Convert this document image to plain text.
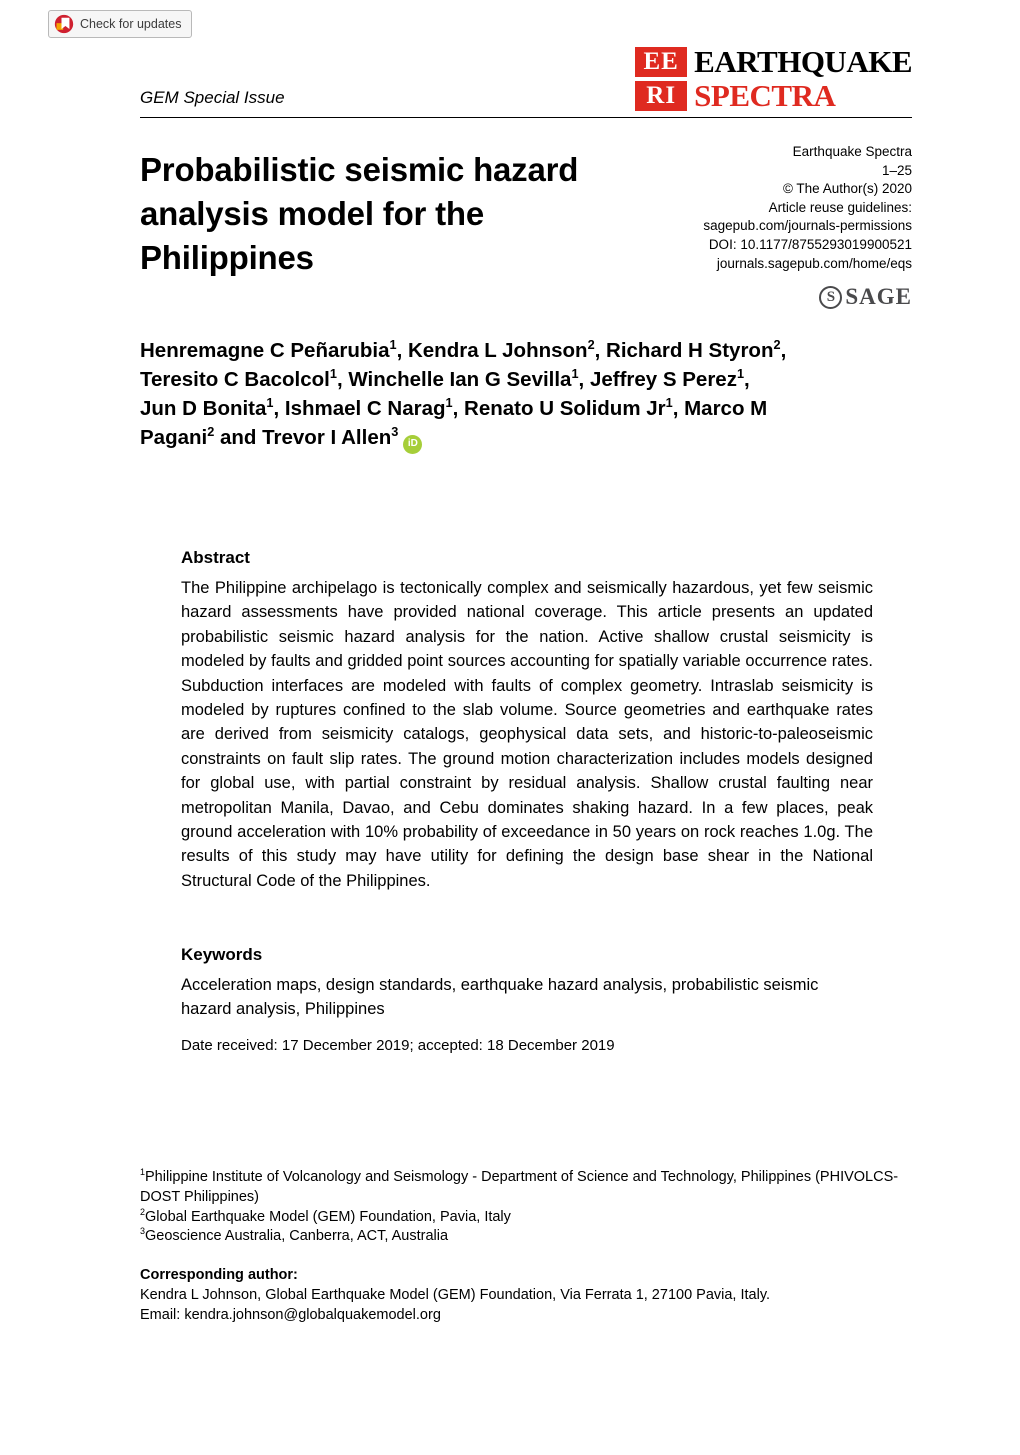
Check for updates
GEM Special Issue
EE EARTHQUAKE
RI SPECTRA
Probabilistic seismic hazard analysis model for the Philippines
Earthquake Spectra
1–25
© The Author(s) 2020
Article reuse guidelines:
sagepub.com/journals-permissions
DOI: 10.1177/8755293019900521
journals.sagepub.com/home/eqs
S SAGE

Henremagne C Peñarubia$^1$, Kendra L Johnson$^2$, Richard H Styron$^2$, Teresito C Bacolcol$^1$, Winchelle Ian G Sevilla$^1$, Jeffrey S Perez$^1$, Jun D Bonita$^1$, Ishmael C Narag$^1$, Renato U Solidum Jr$^1$, Marco M Pagani$^2$ and Trevor I Allen$^3$iD

Abstract
The Philippine archipelago is tectonically complex and seismically hazardous, yet few seismic hazard assessments have provided national coverage. This article presents an updated probabilistic seismic hazard analysis for the nation. Active shallow crustal seismicity is modeled by faults and gridded point sources accounting for spatially variable occurrence rates. Subduction interfaces are modeled with faults of complex geometry. Intraslab seismicity is modeled by ruptures confined to the slab volume. Source geometries and earthquake rates are derived from seismicity catalogs, geophysical data sets, and historic-to-paleoseismic constraints on fault slip rates. The ground motion characterization includes models designed for global use, with partial constraint by residual analysis. Shallow crustal faulting near metropolitan Manila, Davao, and Cebu dominates shaking hazard. In a few places, peak ground acceleration with 10% probability of exceedance in 50 years on rock reaches 1.0g. The results of this study may have utility for defining the design base shear in the National Structural Code of the Philippines.
Keywords
Acceleration maps, design standards, earthquake hazard analysis, probabilistic seismic hazard analysis, Philippines
Date received: 17 December 2019; accepted: 18 December 2019
$^1$Philippine Institute of Volcanology and Seismology - Department of Science and Technology, Philippines (PHIVOLCS-DOST Philippines)
$^2$Global Earthquake Model (GEM) Foundation, Pavia, Italy
$^3$Geoscience Australia, Canberra, ACT, Australia
Corresponding author:
Kendra L Johnson, Global Earthquake Model (GEM) Foundation, Via Ferrata 1, 27100 Pavia, Italy.
Email: kendra.johnson@globalquakemodel.org
